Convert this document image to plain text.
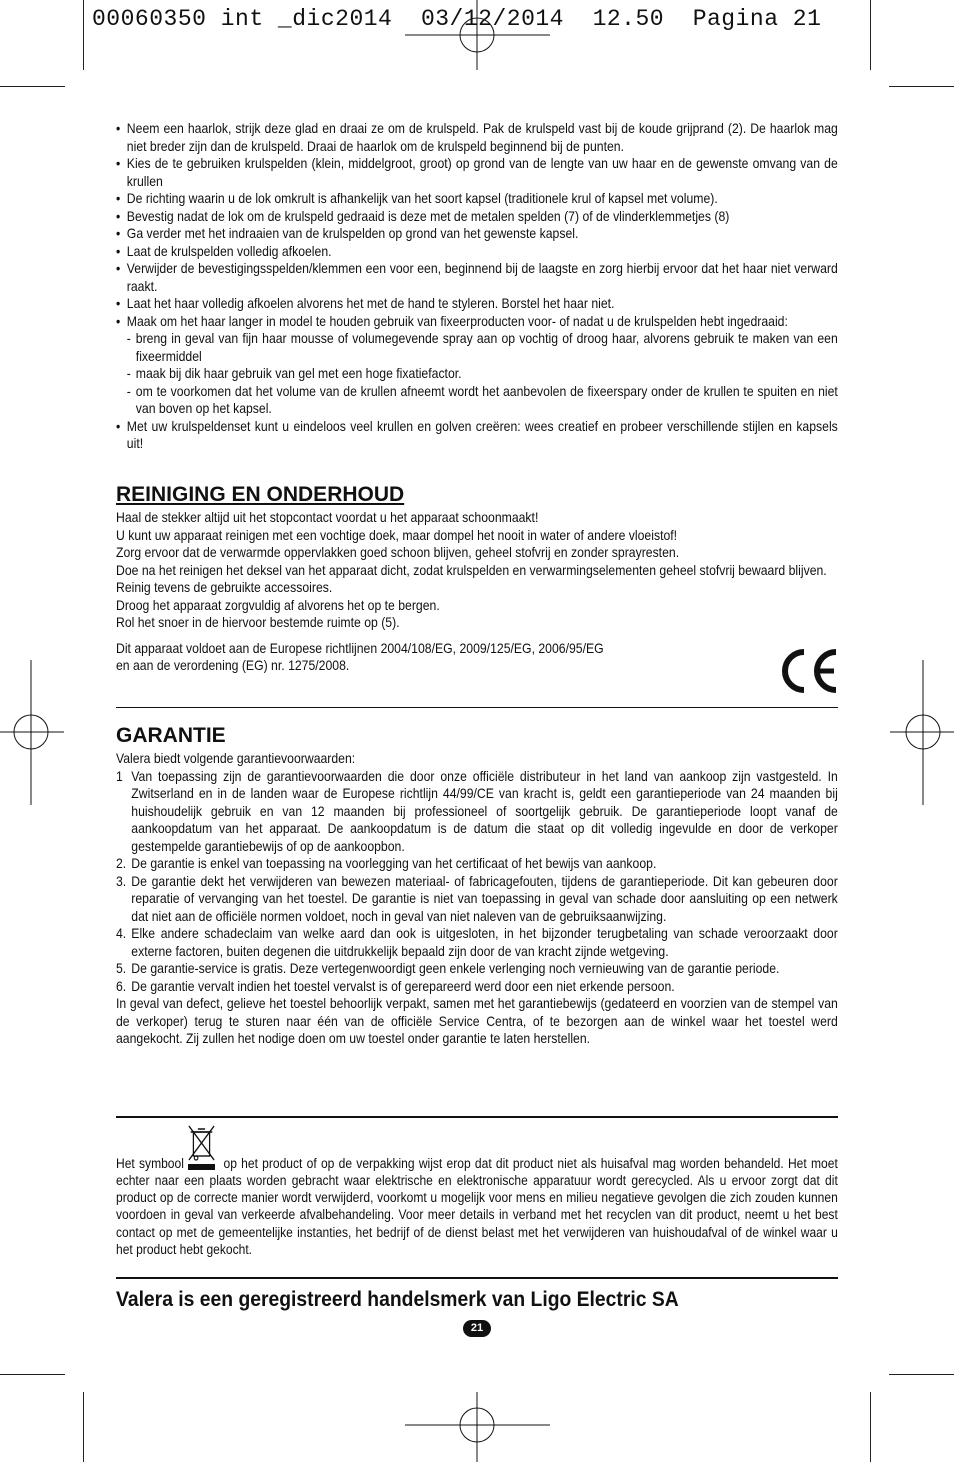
00060350 int _dic2014  03/12/2014  12.50  Pagina 21
• Neem een haarlok, strijk deze glad en draai ze om de krulspeld. Pak de krulspeld vast bij de koude grijprand (2). De haarlok mag niet breder zijn dan de krulspeld. Draai de haarlok om de krulspeld beginnend bij de punten.
• Kies de te gebruiken krulspelden (klein, middelgroot, groot) op grond van de lengte van uw haar en de gewenste omvang van de krullen
• De richting waarin u de lok omkrult is afhankelijk van het soort kapsel (traditionele krul of kapsel met volume).
• Bevestig nadat de lok om de krulspeld gedraaid is deze met de metalen spelden (7) of de vlinderklemmetjes (8)
• Ga verder met het indraaien van de krulspelden op grond van het gewenste kapsel.
• Laat de krulspelden volledig afkoelen.
• Verwijder de bevestigingsspelden/klemmen een voor een, beginnend bij de laagste en zorg hierbij ervoor dat het haar niet verward raakt.
• Laat het haar volledig afkoelen alvorens het met de hand te styleren. Borstel het haar niet.
• Maak om het haar langer in model te houden gebruik van fixeerproducten voor- of nadat u de krulspelden hebt ingedraaid:
- breng in geval van fijn haar mousse of volumegevende spray aan op vochtig of droog haar, alvorens gebruik te maken van een fixeermiddel
- maak bij dik haar gebruik van gel met een hoge fixatiefactor.
- om te voorkomen dat het volume van de krullen afneemt wordt het aanbevolen de fixeerspary onder de krullen te spuiten en niet van boven op het kapsel.
• Met uw krulspeldenset kunt u eindeloos veel krullen en golven creëren: wees creatief en probeer verschillende stijlen en kapsels uit!
REINIGING EN ONDERHOUD
Haal de stekker altijd uit het stopcontact voordat u het apparaat schoonmaakt!
U kunt uw apparaat reinigen met een vochtige doek, maar dompel het nooit in water of andere vloeistof!
Zorg ervoor dat de verwarmde oppervlakken goed schoon blijven, geheel stofvrij en zonder sprayresten.
Doe na het reinigen het deksel van het apparaat dicht, zodat krulspelden en verwarmingselementen geheel stofvrij bewaard blijven.
Reinig tevens de gebruikte accessoires.
Droog het apparaat zorgvuldig af alvorens het op te bergen.
Rol het snoer in de hiervoor bestemde ruimte op (5).
Dit apparaat voldoet aan de Europese richtlijnen 2004/108/EG, 2009/125/EG, 2006/95/EG
en aan de verordening (EG) nr. 1275/2008.
GARANTIE
Valera biedt volgende garantievoorwaarden:
1 Van toepassing zijn de garantievoorwaarden die door onze officiële distributeur in het land van aankoop zijn vastgesteld. In Zwitserland en in de landen waar de Europese richtlijn 44/99/CE van kracht is, geldt een garantieperiode van 24 maanden bij huishoudelijk gebruik en van 12 maanden bij professioneel of soortgelijk gebruik. De garantieperiode loopt vanaf de aankoopdatum van het apparaat. De aankoopdatum is de datum die staat op dit volledig ingevulde en door de verkoper gestempelde garantiebewijs of op de aankoopbon.
2. De garantie is enkel van toepassing na voorlegging van het certificaat of het bewijs van aankoop.
3. De garantie dekt het verwijderen van bewezen materiaal- of fabricagefouten, tijdens de garantieperiode. Dit kan gebeuren door reparatie of vervanging van het toestel. De garantie is niet van toepassing in geval van schade door aansluiting op een netwerk dat niet aan de officiële normen voldoet, noch in geval van niet naleven van de gebruiksaanwijzing.
4. Elke andere schadeclaim van welke aard dan ook is uitgesloten, in het bijzonder terugbetaling van schade veroorzaakt door externe factoren, buiten degenen die uitdrukkelijk bepaald zijn door de van kracht zijnde wetgeving.
5. De garantie-service is gratis. Deze vertegenwoordigt geen enkele verlenging noch vernieuwing van de garantie periode.
6. De garantie vervalt indien het toestel vervalst is of gerepareerd werd door een niet erkende persoon.
In geval van defect, gelieve het toestel behoorlijk verpakt, samen met het garantiebewijs (gedateerd en voorzien van de stempel van de verkoper) terug te sturen naar één van de officiële Service Centra, of te bezorgen aan de winkel waar het toestel werd aangekocht. Zij zullen het nodige doen om uw toestel onder garantie te laten herstellen.
Het symbool	op het product of op de verpakking wijst erop dat dit product niet als huisafval mag worden behandeld. Het moet echter naar een plaats worden gebracht waar elektrische en elektronische apparatuur wordt gerecycled. Als u ervoor zorgt dat dit product op de correcte manier wordt verwijderd, voorkomt u mogelijk voor mens en milieu negatieve gevolgen die zich zouden kunnen voordoen in geval van verkeerde afvalbehandeling. Voor meer details in verband met het recyclen van dit product, neemt u het best contact op met de gemeentelijke instanties, het bedrijf of de dienst belast met het verwijderen van huishoudafval of de winkel waar u het product hebt gekocht.
Valera is een geregistreerd handelsmerk van Ligo Electric SA
21
